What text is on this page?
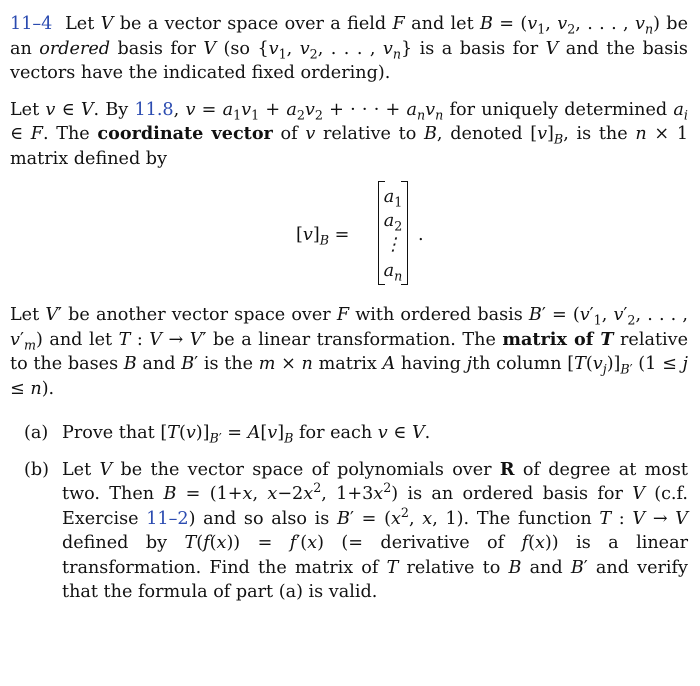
11–4  Let V be a vector space over a field F and let $B = (v_1$, $v_2$, . . . , $v_n$) be an ordered basis for V (so {$v_1$, $v_2$, . . . , $v_n$} is a basis for V and the basis vectors have the indicated fixed ordering).

Let v ∈ V. By 11.8, $v = a_1v_1 + a_2v_2$ + · · · + $a_nv_n$ for uniquely determined $a_i$ ∈ F. The coordinate vector of v relative to B, denoted $[v]_B$, is the n × 1 matrix defined by

$[v]_B$ =
$a_1$
$a_2$
⋮
$a_n$
.

Let V′ be another vector space over F with ordered basis $B' = (v'_1$, $v'_2$, . . . , $v'_m$) and let T : V → V′ be a linear transformation. The matrix of T relative to the bases B and B′ is the m × n matrix A having jth column $[T(v_j)]_{B'}$ (1 ≤ j ≤ n).

(a) Prove that $[T(v)]_{B'} = A[v]_B$ for each v ∈ V.
(b) Let V be the vector space of polynomials over R of degree at most two. Then B = (1+x, $x-2x^2$, $1+3x^2$) is an ordered basis for V (c.f. Exercise 11–2) and so also is $B' = (x^2$, x, 1). The function T : V → V defined by T(f(x)) = f′(x) (= derivative of f(x)) is a linear transformation. Find the matrix of T relative to B and B′ and verify that the formula of part (a) is valid.
